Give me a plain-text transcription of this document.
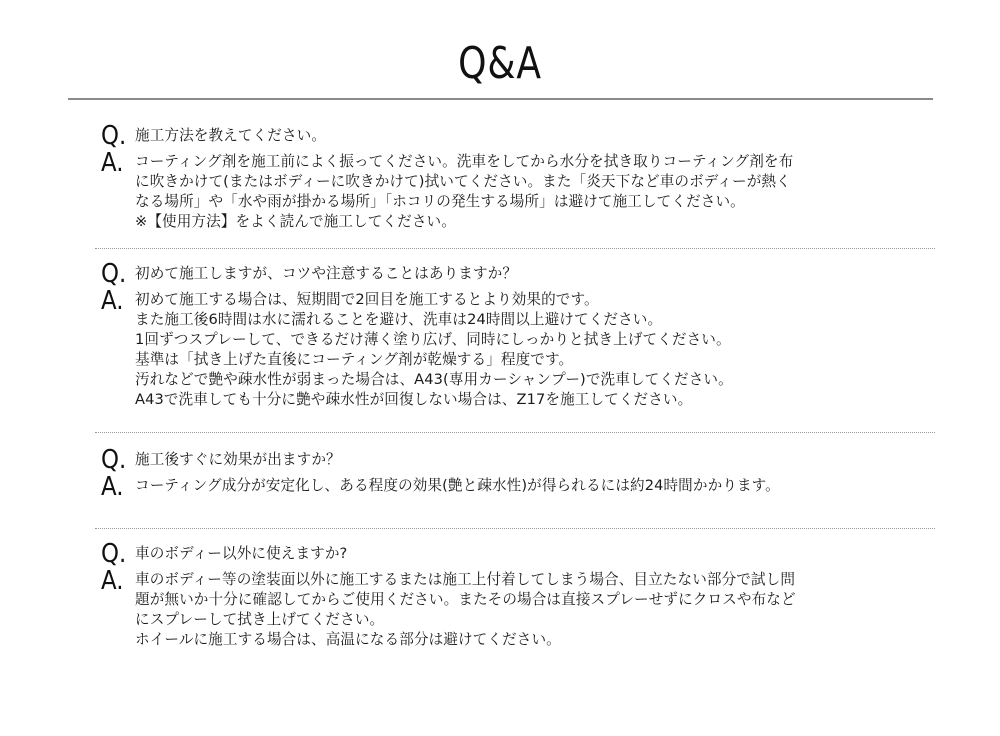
Q&A
Q. 施工方法を教えてください。
A. コーティング剤を施工前によく振ってください。洗車をしてから水分を拭き取りコーティング剤を布
に吹きかけて(またはボディーに吹きかけて)拭いてください。また「炎天下など車のボディーが熱く
なる場所」や「水や雨が掛かる場所」「ホコリの発生する場所」は避けて施工してください。
※【使用方法】をよく読んで施工してください。
Q. 初めて施工しますが、コツや注意することはありますか？
A. 初めて施工する場合は、短期間で2回目を施工するとより効果的です。
また施工後6時間は水に濡れることを避け、洗車は24時間以上避けてください。
1回ずつスプレーして、できるだけ薄く塗り広げ、同時にしっかりと拭き上げてください。
基準は「拭き上げた直後にコーティング剤が乾燥する」程度です。
汚れなどで艶や疎水性が弱まった場合は、A43(専用カーシャンプー)で洗車してください。
A43で洗車しても十分に艶や疎水性が回復しない場合は、Z17を施工してください。
Q. 施工後すぐに効果が出ますか？
A. コーティング成分が安定化し、ある程度の効果(艶と疎水性)が得られるには約24時間かかります。
Q. 車のボディー以外に使えますか?
A. 車のボディー等の塗装面以外に施工するまたは施工上付着してしまう場合、目立たない部分で試し問
題が無いか十分に確認してからご使用ください。またその場合は直接スプレーせずにクロスや布など
にスプレーして拭き上げてください。
ホイールに施工する場合は、高温になる部分は避けてください。
